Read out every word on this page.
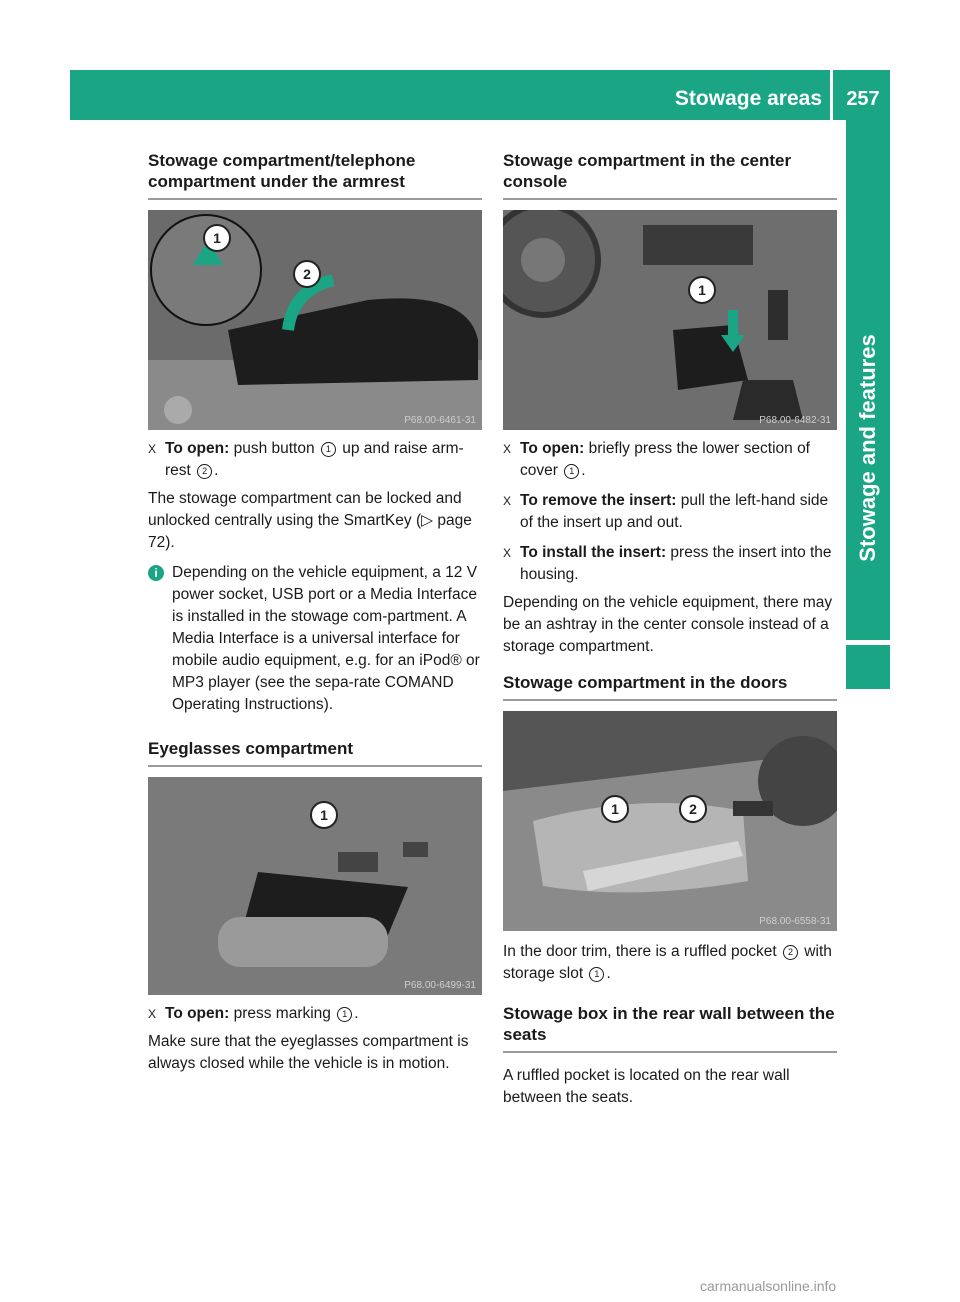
Stowage areas	257
Stowage and features
Stowage compartment/telephone compartment under the armrest
1
2
P68.00-6461-31
X To open: push button 1 up and raise arm-rest 2 .

The stowage compartment can be locked and unlocked centrally using the SmartKey (▷ page 72).

i Depending on the vehicle equipment, a 12 V power socket, USB port or a Media Interface is installed in the stowage com-partment. A Media Interface is a universal interface for mobile audio equipment, e.g. for an iPod® or MP3 player (see the sepa-rate COMAND Operating Instructions).

Eyeglasses compartment
1
P68.00-6499-31
X To open: press marking 1 .

Make sure that the eyeglasses compartment is always closed while the vehicle is in motion.

Stowage compartment in the center console
1
P68.00-6482-31
X To open: briefly press the lower section of cover 1 .

X To remove the insert: pull the left-hand side of the insert up and out.

X To install the insert: press the insert into the housing.

Depending on the vehicle equipment, there may be an ashtray in the center console instead of a storage compartment.

Stowage compartment in the doors
1	2
P68.00-6558-31

In the door trim, there is a ruffled pocket 2 with storage slot 1 .

Stowage box in the rear wall between the seats

A ruffled pocket is located on the rear wall between the seats.

carmanualsonline.info
